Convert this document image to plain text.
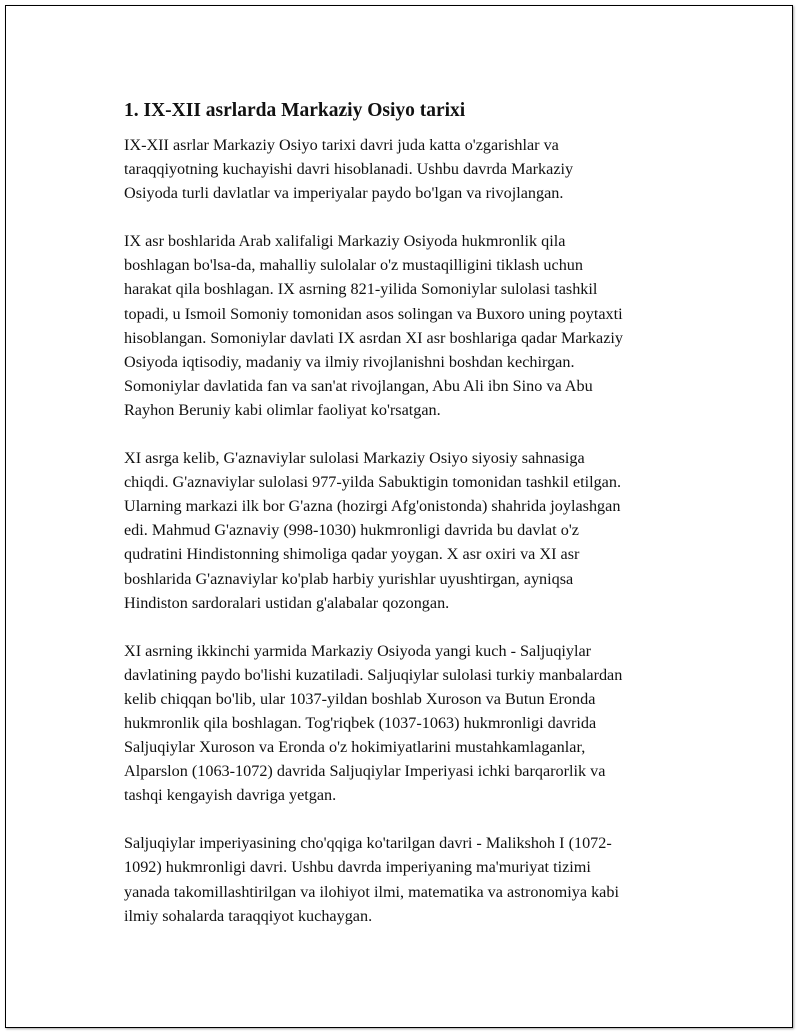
1. IX-XII asrlarda Markaziy Osiyo tarixi
IX-XII asrlar Markaziy Osiyo tarixi davri juda katta o'zgarishlar va
taraqqiyotning kuchayishi davri hisoblanadi. Ushbu davrda Markaziy
Osiyoda turli davlatlar va imperiyalar paydo bo'lgan va rivojlangan.
IX asr boshlarida Arab xalifaligi Markaziy Osiyoda hukmronlik qila
boshlagan bo'lsa-da, mahalliy sulolalar o'z mustaqilligini tiklash uchun
harakat qila boshlagan. IX asrning 821-yilida Somoniylar sulolasi tashkil
topadi, u Ismoil Somoniy tomonidan asos solingan va Buxoro uning poytaxti
hisoblangan. Somoniylar davlati IX asrdan XI asr boshlariga qadar Markaziy
Osiyoda iqtisodiy, madaniy va ilmiy rivojlanishni boshdan kechirgan.
Somoniylar davlatida fan va san'at rivojlangan, Abu Ali ibn Sino va Abu
Rayhon Beruniy kabi olimlar faoliyat ko'rsatgan.
XI asrga kelib, G'aznaviylar sulolasi Markaziy Osiyo siyosiy sahnasiga
chiqdi. G'aznaviylar sulolasi 977-yilda Sabuktigin tomonidan tashkil etilgan.
Ularning markazi ilk bor G'azna (hozirgi Afg'onistonda) shahrida joylashgan
edi. Mahmud G'aznaviy (998-1030) hukmronligi davrida bu davlat o'z
qudratini Hindistonning shimoliga qadar yoygan. X asr oxiri va XI asr
boshlarida G'aznaviylar ko'plab harbiy yurishlar uyushtirgan, ayniqsa
Hindiston sardoralari ustidan g'alabalar qozongan.
XI asrning ikkinchi yarmida Markaziy Osiyoda yangi kuch - Saljuqiylar
davlatining paydo bo'lishi kuzatiladi. Saljuqiylar sulolasi turkiy manbalardan
kelib chiqqan bo'lib, ular 1037-yildan boshlab Xuroson va Butun Eronda
hukmronlik qila boshlagan. Tog'riqbek (1037-1063) hukmronligi davrida
Saljuqiylar Xuroson va Eronda o'z hokimiyatlarini mustahkamlaganlar,
Alparslon (1063-1072) davrida Saljuqiylar Imperiyasi ichki barqarorlik va
tashqi kengayish davriga yetgan.
Saljuqiylar imperiyasining cho'qqiga ko'tarilgan davri - Malikshoh I (1072-
1092) hukmronligi davri. Ushbu davrda imperiyaning ma'muriyat tizimi
yanada takomillashtirilgan va ilohiyot ilmi, matematika va astronomiya kabi
ilmiy sohalarda taraqqiyot kuchaygan.
